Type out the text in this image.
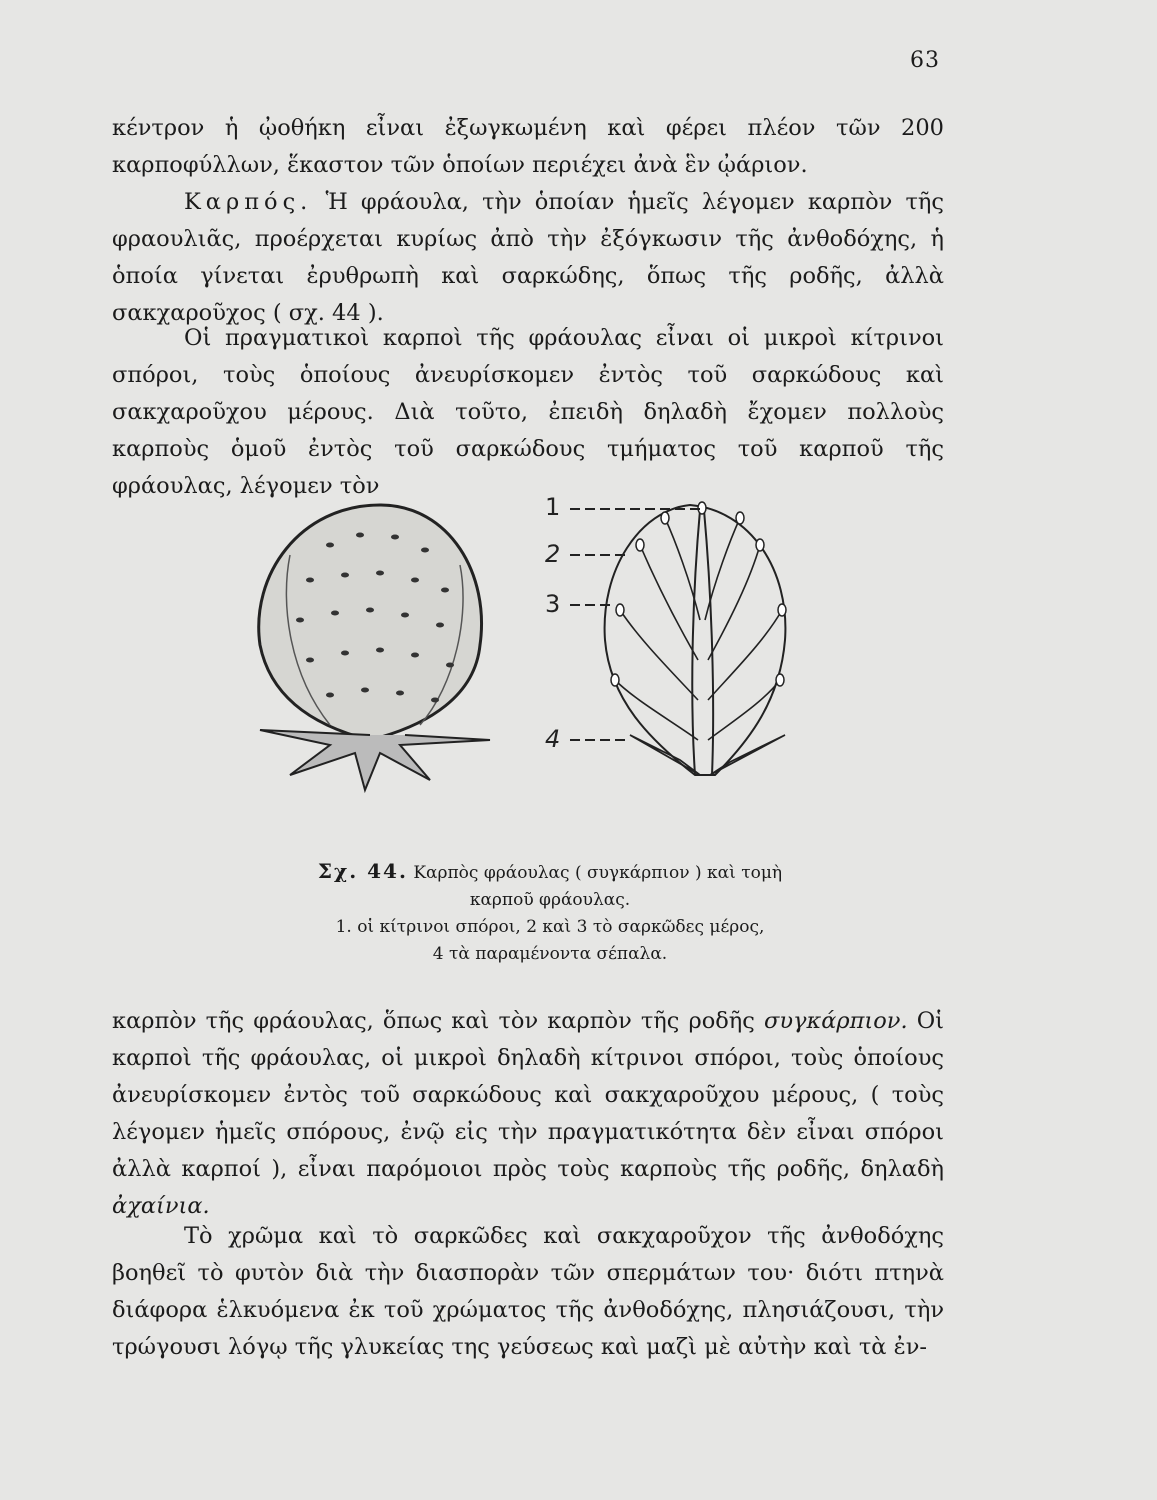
63

κέντρον ἡ ᾠοθήκη εἶναι ἐξωγκωμένη καὶ φέρει πλέον τῶν 200 καρποφύλλων, ἕκαστον τῶν ὁποίων περιέχει ἀνὰ ἓν ᾠάριον.

Καρπός. Ἡ φράουλα, τὴν ὁποίαν ἡμεῖς λέγομεν καρπὸν τῆς φραουλιᾶς, προέρχεται κυρίως ἀπὸ τὴν ἐξόγκωσιν τῆς ἀνθοδόχης, ἡ ὁποία γίνεται ἐρυθρωπὴ καὶ σαρκώδης, ὅπως τῆς ροδῆς, ἀλλὰ σακχαροῦχος ( σχ. 44 ).

Οἱ πραγματικοὶ καρποὶ τῆς φράουλας εἶναι οἱ μικροὶ κίτρινοι σπόροι, τοὺς ὁποίους ἀνευρίσκομεν ἐντὸς τοῦ σαρκώδους καὶ σακχαροῦχου μέρους. Διὰ τοῦτο, ἐπειδὴ δηλαδὴ ἔχομεν πολλοὺς καρποὺς ὁμοῦ ἐντὸς τοῦ σαρκώδους τμήματος τοῦ καρποῦ τῆς φράουλας, λέγομεν τὸν

1
2
3
4
Σχ. 44. Καρπὸς φράουλας ( συγκάρπιον ) καὶ τομὴ
καρποῦ φράουλας.
1. οἱ κίτρινοι σπόροι, 2 καὶ 3 τὸ σαρκῶδες μέρος,
4 τὰ παραμένοντα σέπαλα.

καρπὸν τῆς φράουλας, ὅπως καὶ τὸν καρπὸν τῆς ροδῆς συγκάρπιον. Οἱ καρποὶ τῆς φράουλας, οἱ μικροὶ δηλαδὴ κίτρινοι σπόροι, τοὺς ὁποίους ἀνευρίσκομεν ἐντὸς τοῦ σαρκώδους καὶ σακχαροῦχου μέρους, ( τοὺς λέγομεν ἡμεῖς σπόρους, ἐνῷ εἰς τὴν πραγματικότητα δὲν εἶναι σπόροι ἀλλὰ καρποί ), εἶναι παρόμοιοι πρὸς τοὺς καρποὺς τῆς ροδῆς, δηλαδὴ ἀχαίνια.

Τὸ χρῶμα καὶ τὸ σαρκῶδες καὶ σακχαροῦχον τῆς ἀνθοδόχης βοηθεῖ τὸ φυτὸν διὰ τὴν διασπορὰν τῶν σπερμάτων του· διότι πτηνὰ διάφορα ἑλκυόμενα ἐκ τοῦ χρώματος τῆς ἀνθοδόχης, πλησιάζουσι, τὴν τρώγουσι λόγῳ τῆς γλυκείας της γεύσεως καὶ μαζὶ μὲ αὐτὴν καὶ τὰ ἐν-
